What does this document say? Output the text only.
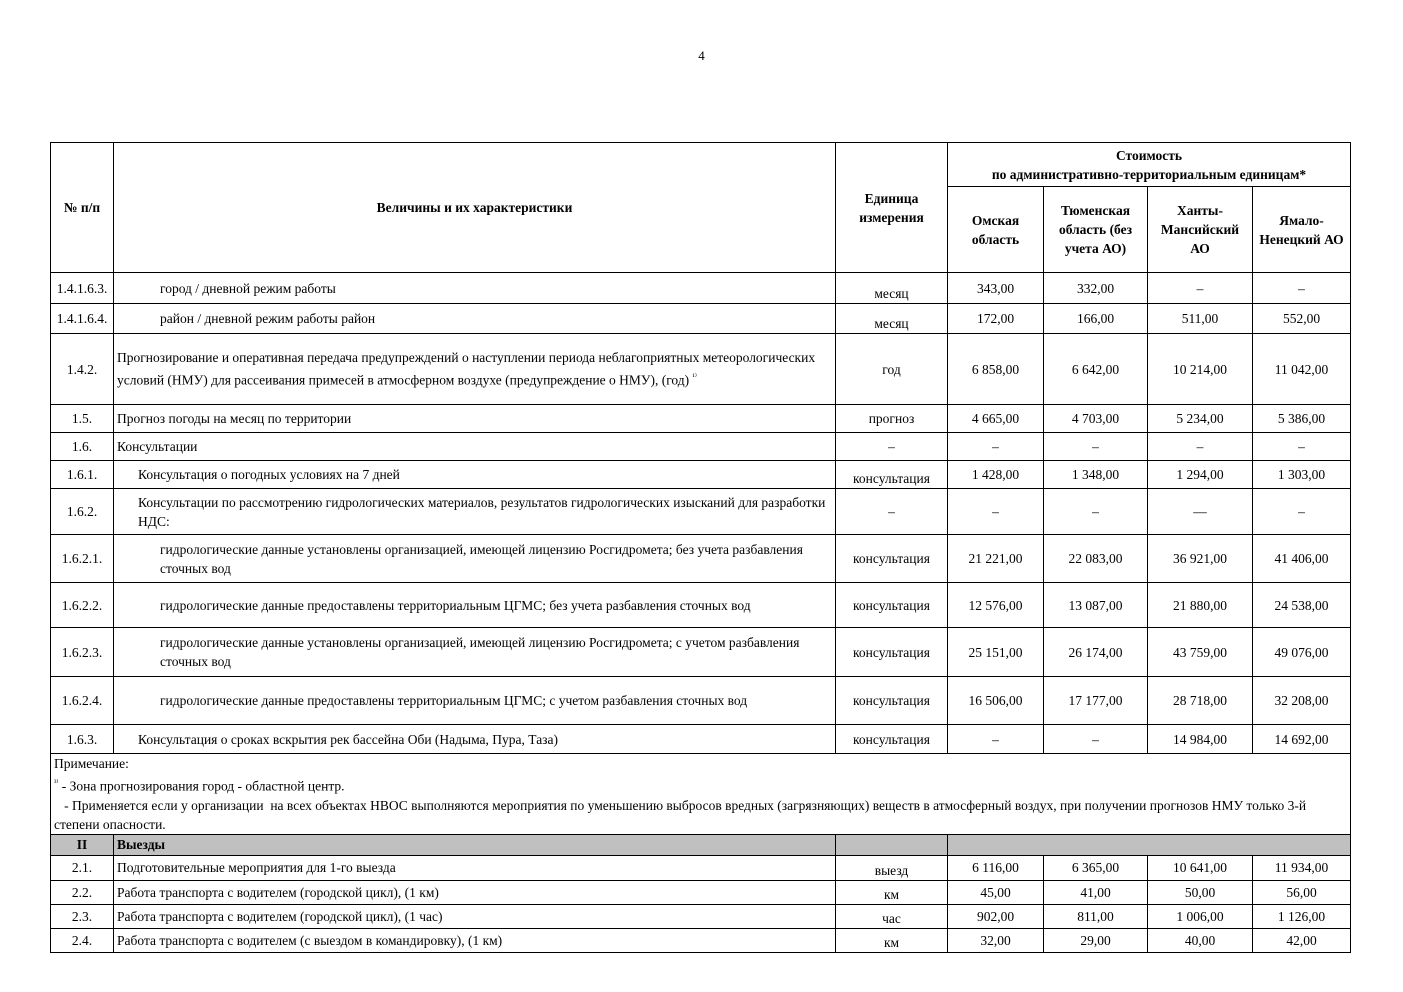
4
№ п/п	Величины и их характеристики	Единица измерения	Стоимость
по административно-территориальным единицам*			

			Омская область	Тюменская область (без учета АО)	Ханты-Мансийский АО	Ямало-Ненецкий АО
1.4.1.6.3.	город / дневной режим работы	месяц	343,00	332,00	–	–
1.4.1.6.4.	район / дневной режим работы район	месяц	172,00	166,00	511,00	552,00
1.4.2.	Прогнозирование и оперативная передача предупреждений о наступлении периода неблагоприятных метеорологических условий (НМУ) для рассеивания примесей в атмосферном воздухе (предупреждение о НМУ), (год) $^{^{1)}}$	год	6 858,00	6 642,00	10 214,00	11 042,00
1.5.	Прогноз погоды на месяц по территории	прогноз	4 665,00	4 703,00	5 234,00	5 386,00
1.6.	Консультации	–	–	–	–	–
1.6.1.	Консультация о погодных условиях на 7 дней	консультация	1 428,00	1 348,00	1 294,00	1 303,00
1.6.2.	Консультации по рассмотрению гидрологических материалов, результатов гидрологических изысканий для разработки НДС:	–	–	–	—	–
1.6.2.1.	гидрологические данные установлены организацией, имеющей лицензию Росгидромета; без учета разбавления сточных вод	консультация	21 221,00	22 083,00	36 921,00	41 406,00
1.6.2.2.	гидрологические данные предоставлены территориальным ЦГМС; без учета разбавления сточных вод	консультация	12 576,00	13 087,00	21 880,00	24 538,00
1.6.2.3.	гидрологические данные установлены организацией, имеющей лицензию Росгидромета; с учетом разбавления сточных вод	консультация	25 151,00	26 174,00	43 759,00	49 076,00
1.6.2.4.	гидрологические данные предоставлены территориальным ЦГМС; с учетом разбавления сточных вод	консультация	16 506,00	17 177,00	28 718,00	32 208,00
1.6.3.	Консультация о сроках вскрытия рек бассейна Оби (Надыма, Пура, Таза)	консультация	–	–	14 984,00	14 692,00

Примечание:
$^{^{3)}}$ - Зона прогнозирования город - областной центр.
- Применяется если у организации  на всех объектах НВОС выполняются мероприятия по уменьшению выбросов вредных (загрязняющих) веществ в атмосферный воздух, при получении прогнозов НМУ только 3-й степени опасности.						

II	Выезды					
2.1.	Подготовительные мероприятия для 1-го выезда	выезд	6 116,00	6 365,00	10 641,00	11 934,00
2.2.	Работа транспорта с водителем (городской цикл), (1 км)	км	45,00	41,00	50,00	56,00
2.3.	Работа транспорта с водителем (городской цикл), (1 час)	час	902,00	811,00	1 006,00	1 126,00
2.4.	Работа транспорта с водителем (с выездом в командировку), (1 км)	км	32,00	29,00	40,00	42,00
